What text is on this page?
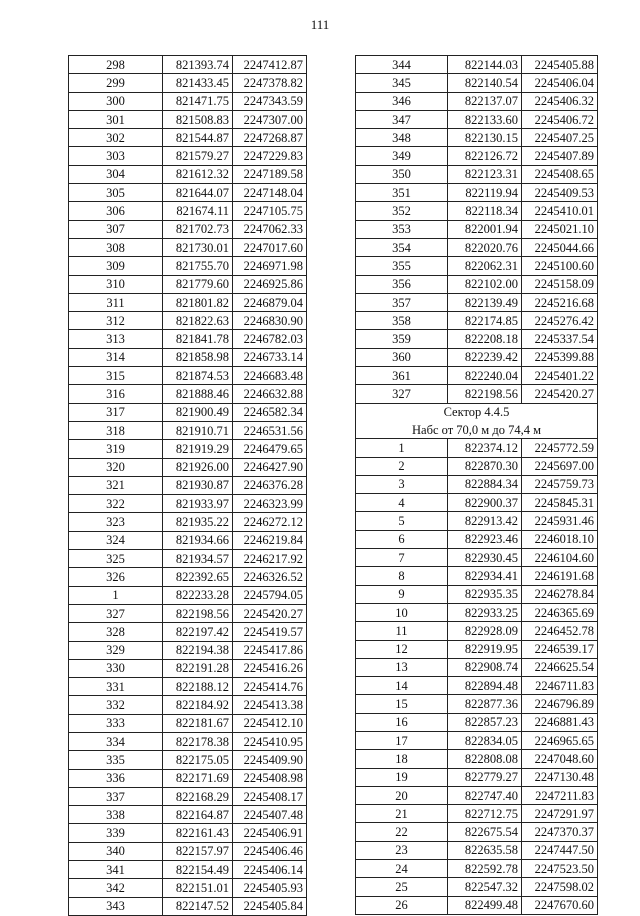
111
298	821393.74	2247412.87
299	821433.45	2247378.82
300	821471.75	2247343.59
301	821508.83	2247307.00
302	821544.87	2247268.87
303	821579.27	2247229.83
304	821612.32	2247189.58
305	821644.07	2247148.04
306	821674.11	2247105.75
307	821702.73	2247062.33
308	821730.01	2247017.60
309	821755.70	2246971.98
310	821779.60	2246925.86
311	821801.82	2246879.04
312	821822.63	2246830.90
313	821841.78	2246782.03
314	821858.98	2246733.14
315	821874.53	2246683.48
316	821888.46	2246632.88
317	821900.49	2246582.34
318	821910.71	2246531.56
319	821919.29	2246479.65
320	821926.00	2246427.90
321	821930.87	2246376.28
322	821933.97	2246323.99
323	821935.22	2246272.12
324	821934.66	2246219.84
325	821934.57	2246217.92
326	822392.65	2246326.52
1	822233.28	2245794.05
327	822198.56	2245420.27
328	822197.42	2245419.57
329	822194.38	2245417.86
330	822191.28	2245416.26
331	822188.12	2245414.76
332	822184.92	2245413.38
333	822181.67	2245412.10
334	822178.38	2245410.95
335	822175.05	2245409.90
336	822171.69	2245408.98
337	822168.29	2245408.17
338	822164.87	2245407.48
339	822161.43	2245406.91
340	822157.97	2245406.46
341	822154.49	2245406.14
342	822151.01	2245405.93
343	822147.52	2245405.84
344	822144.03	2245405.88
345	822140.54	2245406.04
346	822137.07	2245406.32
347	822133.60	2245406.72
348	822130.15	2245407.25
349	822126.72	2245407.89
350	822123.31	2245408.65
351	822119.94	2245409.53
352	822118.34	2245410.01
353	822001.94	2245021.10
354	822020.76	2245044.66
355	822062.31	2245100.60
356	822102.00	2245158.09
357	822139.49	2245216.68
358	822174.85	2245276.42
359	822208.18	2245337.54
360	822239.42	2245399.88
361	822240.04	2245401.22
327	822198.56	2245420.27
Сектор 4.4.5		
Набс от 70,0 м до 74,4 м		
1	822374.12	2245772.59
2	822870.30	2245697.00
3	822884.34	2245759.73
4	822900.37	2245845.31
5	822913.42	2245931.46
6	822923.46	2246018.10
7	822930.45	2246104.60
8	822934.41	2246191.68
9	822935.35	2246278.84
10	822933.25	2246365.69
11	822928.09	2246452.78
12	822919.95	2246539.17
13	822908.74	2246625.54
14	822894.48	2246711.83
15	822877.36	2246796.89
16	822857.23	2246881.43
17	822834.05	2246965.65
18	822808.08	2247048.60
19	822779.27	2247130.48
20	822747.40	2247211.83
21	822712.75	2247291.97
22	822675.54	2247370.37
23	822635.58	2247447.50
24	822592.78	2247523.50
25	822547.32	2247598.02
26	822499.48	2247670.60
